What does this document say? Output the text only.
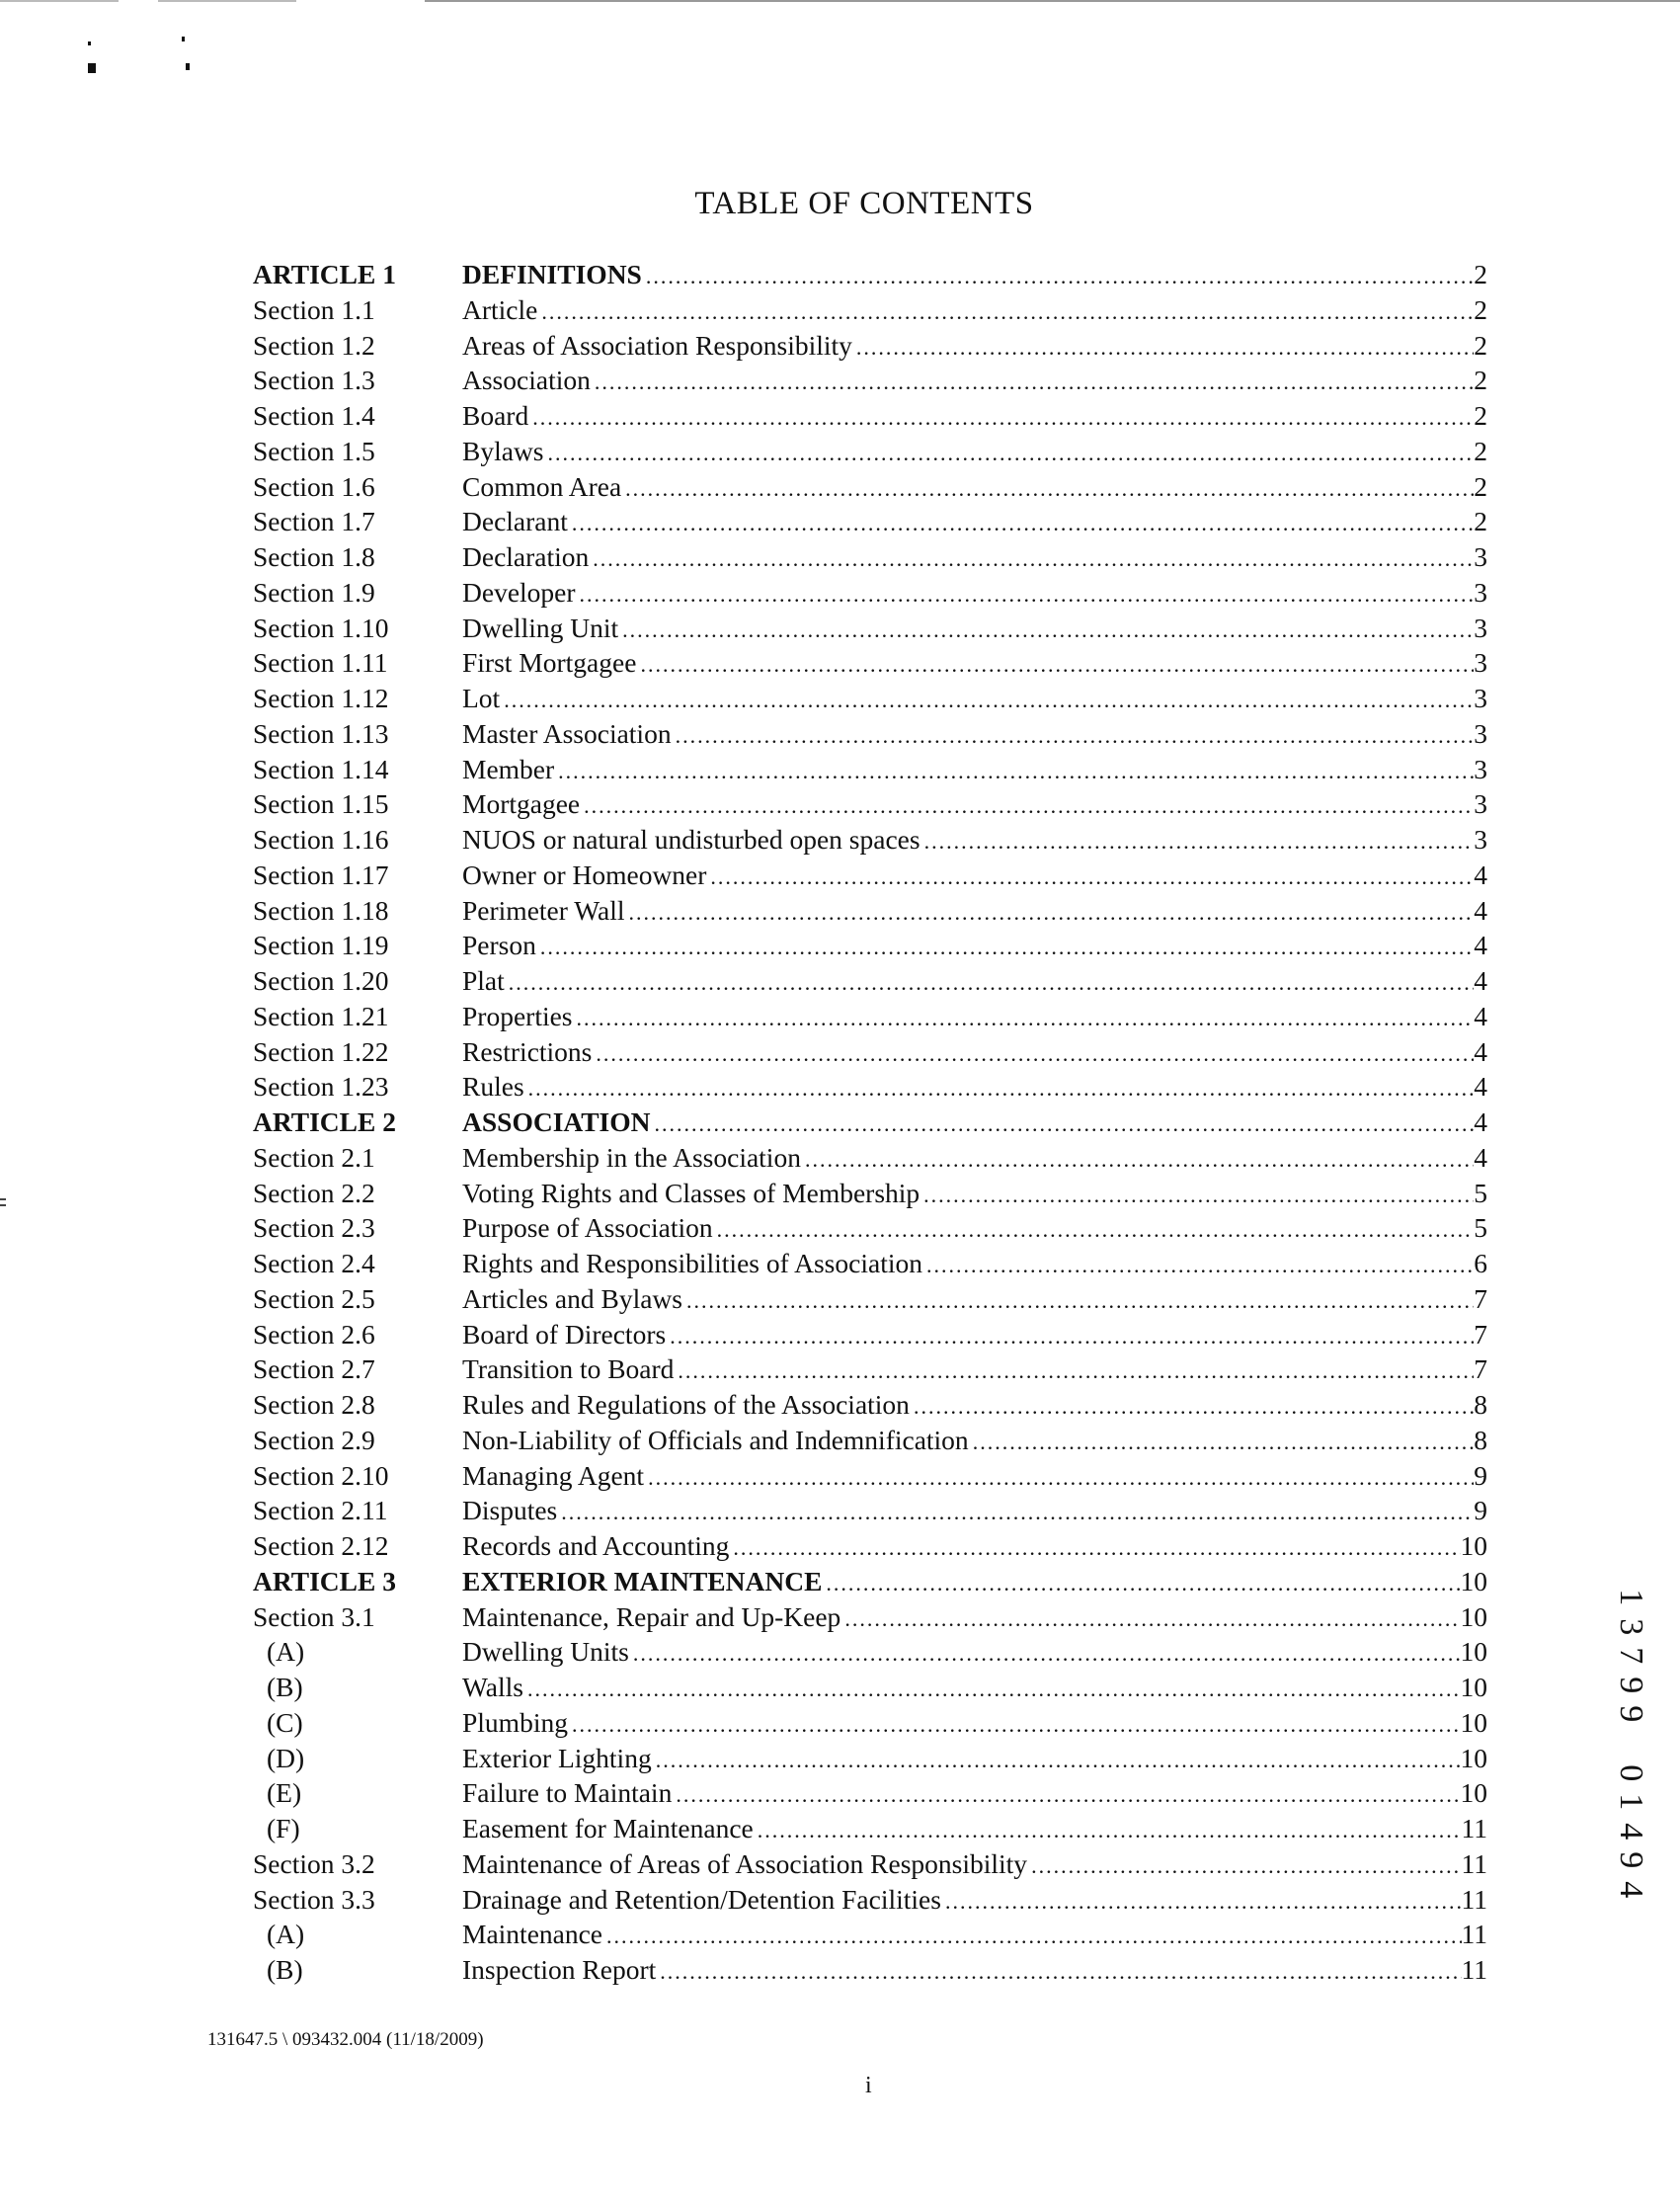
TABLE OF CONTENTS
ARTICLE 1 DEFINITIONS .....	2
Section 1.1	Article .....	2
Section 1.2	Areas of Association Responsibility .....	2
Section 1.3	Association .....	2
Section 1.4	Board .....	2
Section 1.5	Bylaws .....	2
Section 1.6	Common Area .....	2
Section 1.7	Declarant .....	2
Section 1.8	Declaration .....	3
Section 1.9	Developer .....	3
Section 1.10	Dwelling Unit .....	3
Section 1.11	First Mortgagee .....	3
Section 1.12	Lot .....	3
Section 1.13	Master Association .....	3
Section 1.14	Member .....	3
Section 1.15	Mortgagee .....	3
Section 1.16	NUOS or natural undisturbed open spaces .....	3
Section 1.17	Owner or Homeowner .....	4
Section 1.18	Perimeter Wall .....	4
Section 1.19	Person .....	4
Section 1.20	Plat .....	4
Section 1.21	Properties .....	4
Section 1.22	Restrictions .....	4
Section 1.23	Rules .....	4
ARTICLE 2 ASSOCIATION .....	4
Section 2.1	Membership in the Association .....	4
Section 2.2	Voting Rights and Classes of Membership .....	5
Section 2.3	Purpose of Association .....	5
Section 2.4	Rights and Responsibilities of Association .....	6
Section 2.5	Articles and Bylaws .....	7
Section 2.6	Board of Directors .....	7
Section 2.7	Transition to Board .....	7
Section 2.8	Rules and Regulations of the Association .....	8
Section 2.9	Non-Liability of Officials and Indemnification .....	8
Section 2.10	Managing Agent .....	9
Section 2.11	Disputes .....	9
Section 2.12	Records and Accounting .....	10
ARTICLE 3 EXTERIOR MAINTENANCE .....	10
Section 3.1	Maintenance, Repair and Up-Keep .....	10
(A)	Dwelling Units .....	10
(B)	Walls .....	10
(C)	Plumbing .....	10
(D)	Exterior Lighting .....	10
(E)	Failure to Maintain .....	10
(F)	Easement for Maintenance .....	11
Section 3.2	Maintenance of Areas of Association Responsibility .....	11
Section 3.3	Drainage and Retention/Detention Facilities .....	11
(A)	Maintenance .....	11
(B)	Inspection Report .....	11
131647.5 \ 093432.004 (11/18/2009)
i
1
3
7
9
9
0
1
4
9
4
